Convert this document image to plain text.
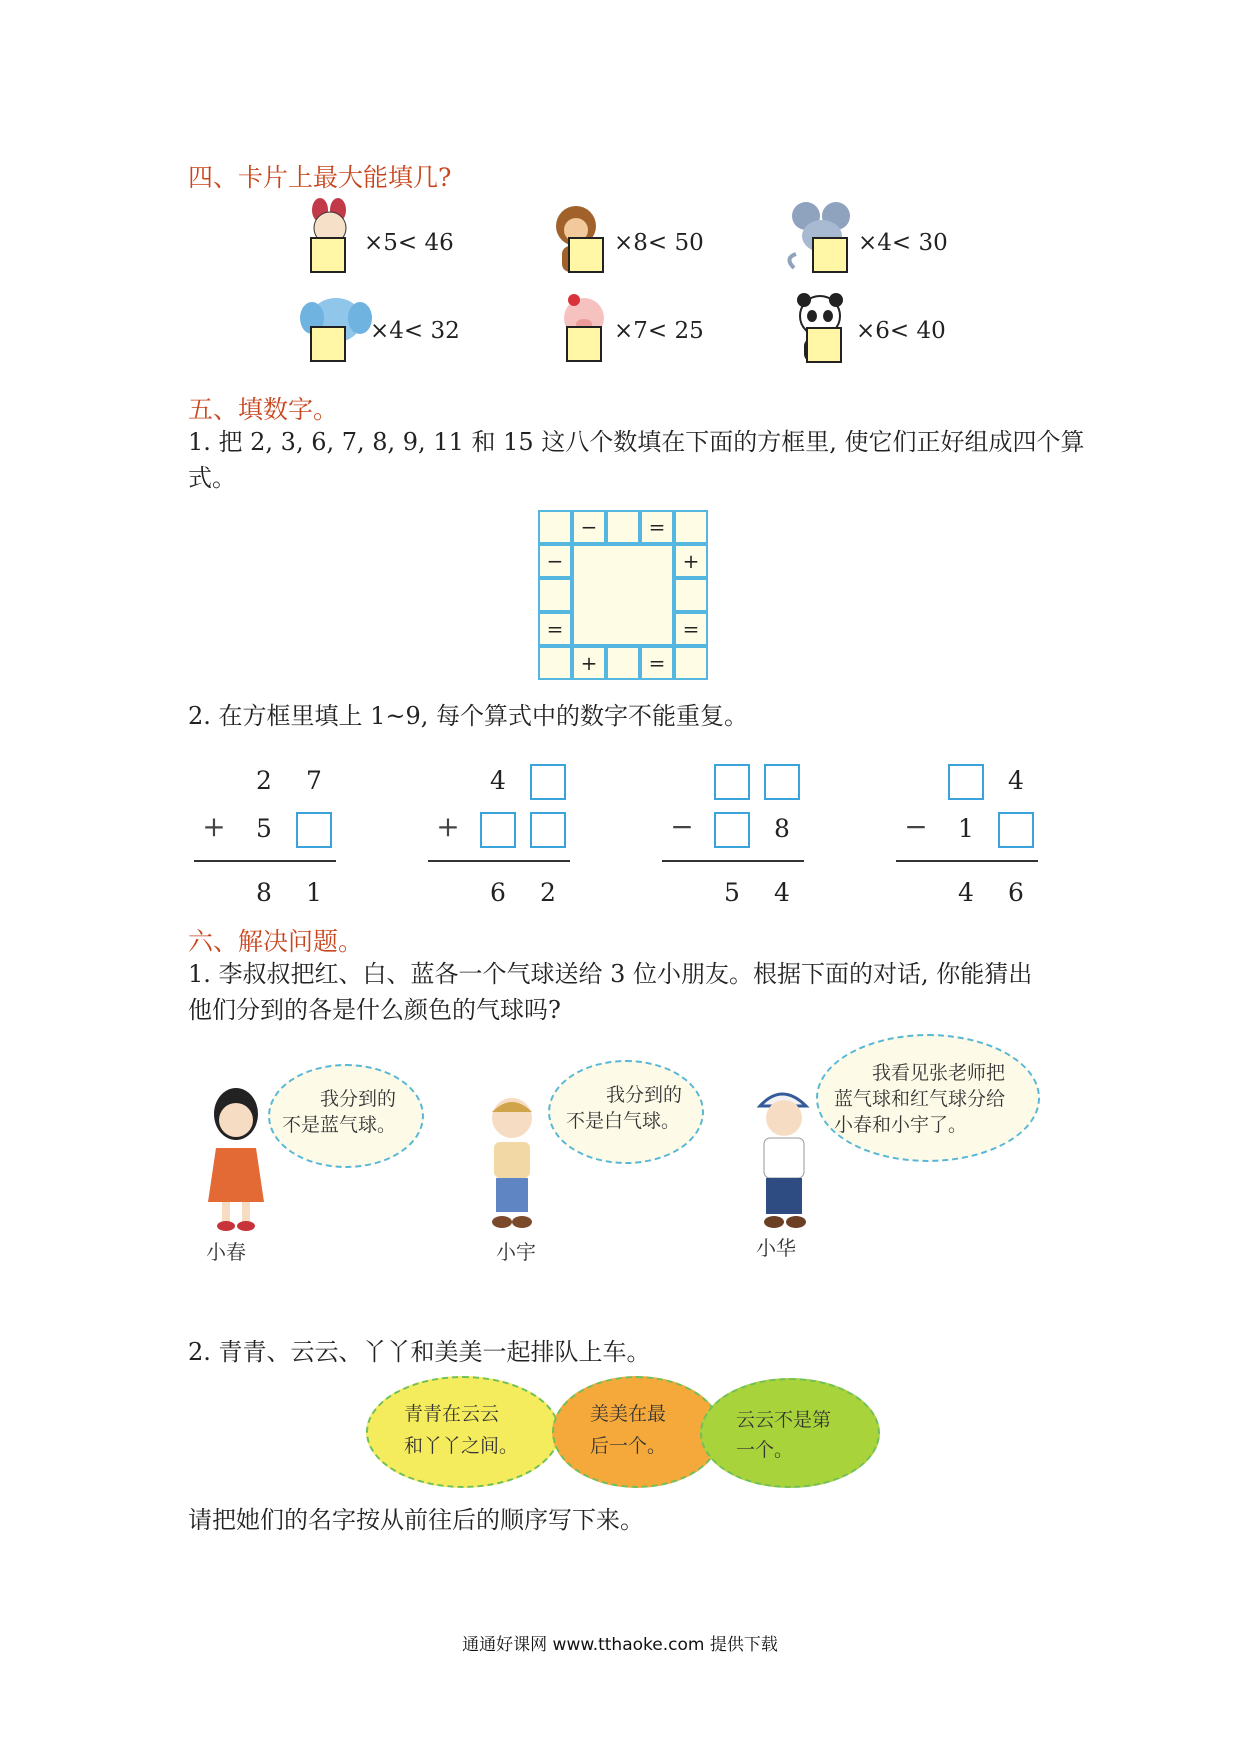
四、卡片上最大能填几?
×5< 46	×8< 50	×4< 30
×4< 32	×7< 25	×6< 40
五、填数字。
1. 把 2, 3, 6, 7, 8, 9, 11 和 15 这八个数填在下面的方框里, 使它们正好组成四个算
式。
−	=
−
=
+
=
+	=
2. 在方框里填上 1~9, 每个算式中的数字不能重复。
2	7
+	5
8	1
4
+
6	2
−	8
5	4
4
−	1
4	6
六、解决问题。
1. 李叔叔把红、白、蓝各一个气球送给 3 位小朋友。根据下面的对话, 你能猜出
他们分到的各是什么颜色的气球吗?
我分到的
不是蓝气球。
小春
我分到的
不是白气球。
小宇
我看见张老师把
蓝气球和红气球分给
小春和小宇了。
小华
2. 青青、云云、丫丫和美美一起排队上车。
青青在云云
和丫丫之间。
美美在最
后一个。
云云不是第
一个。
请把她们的名字按从前往后的顺序写下来。
通通好课网 www.tthaoke.com 提供下载
